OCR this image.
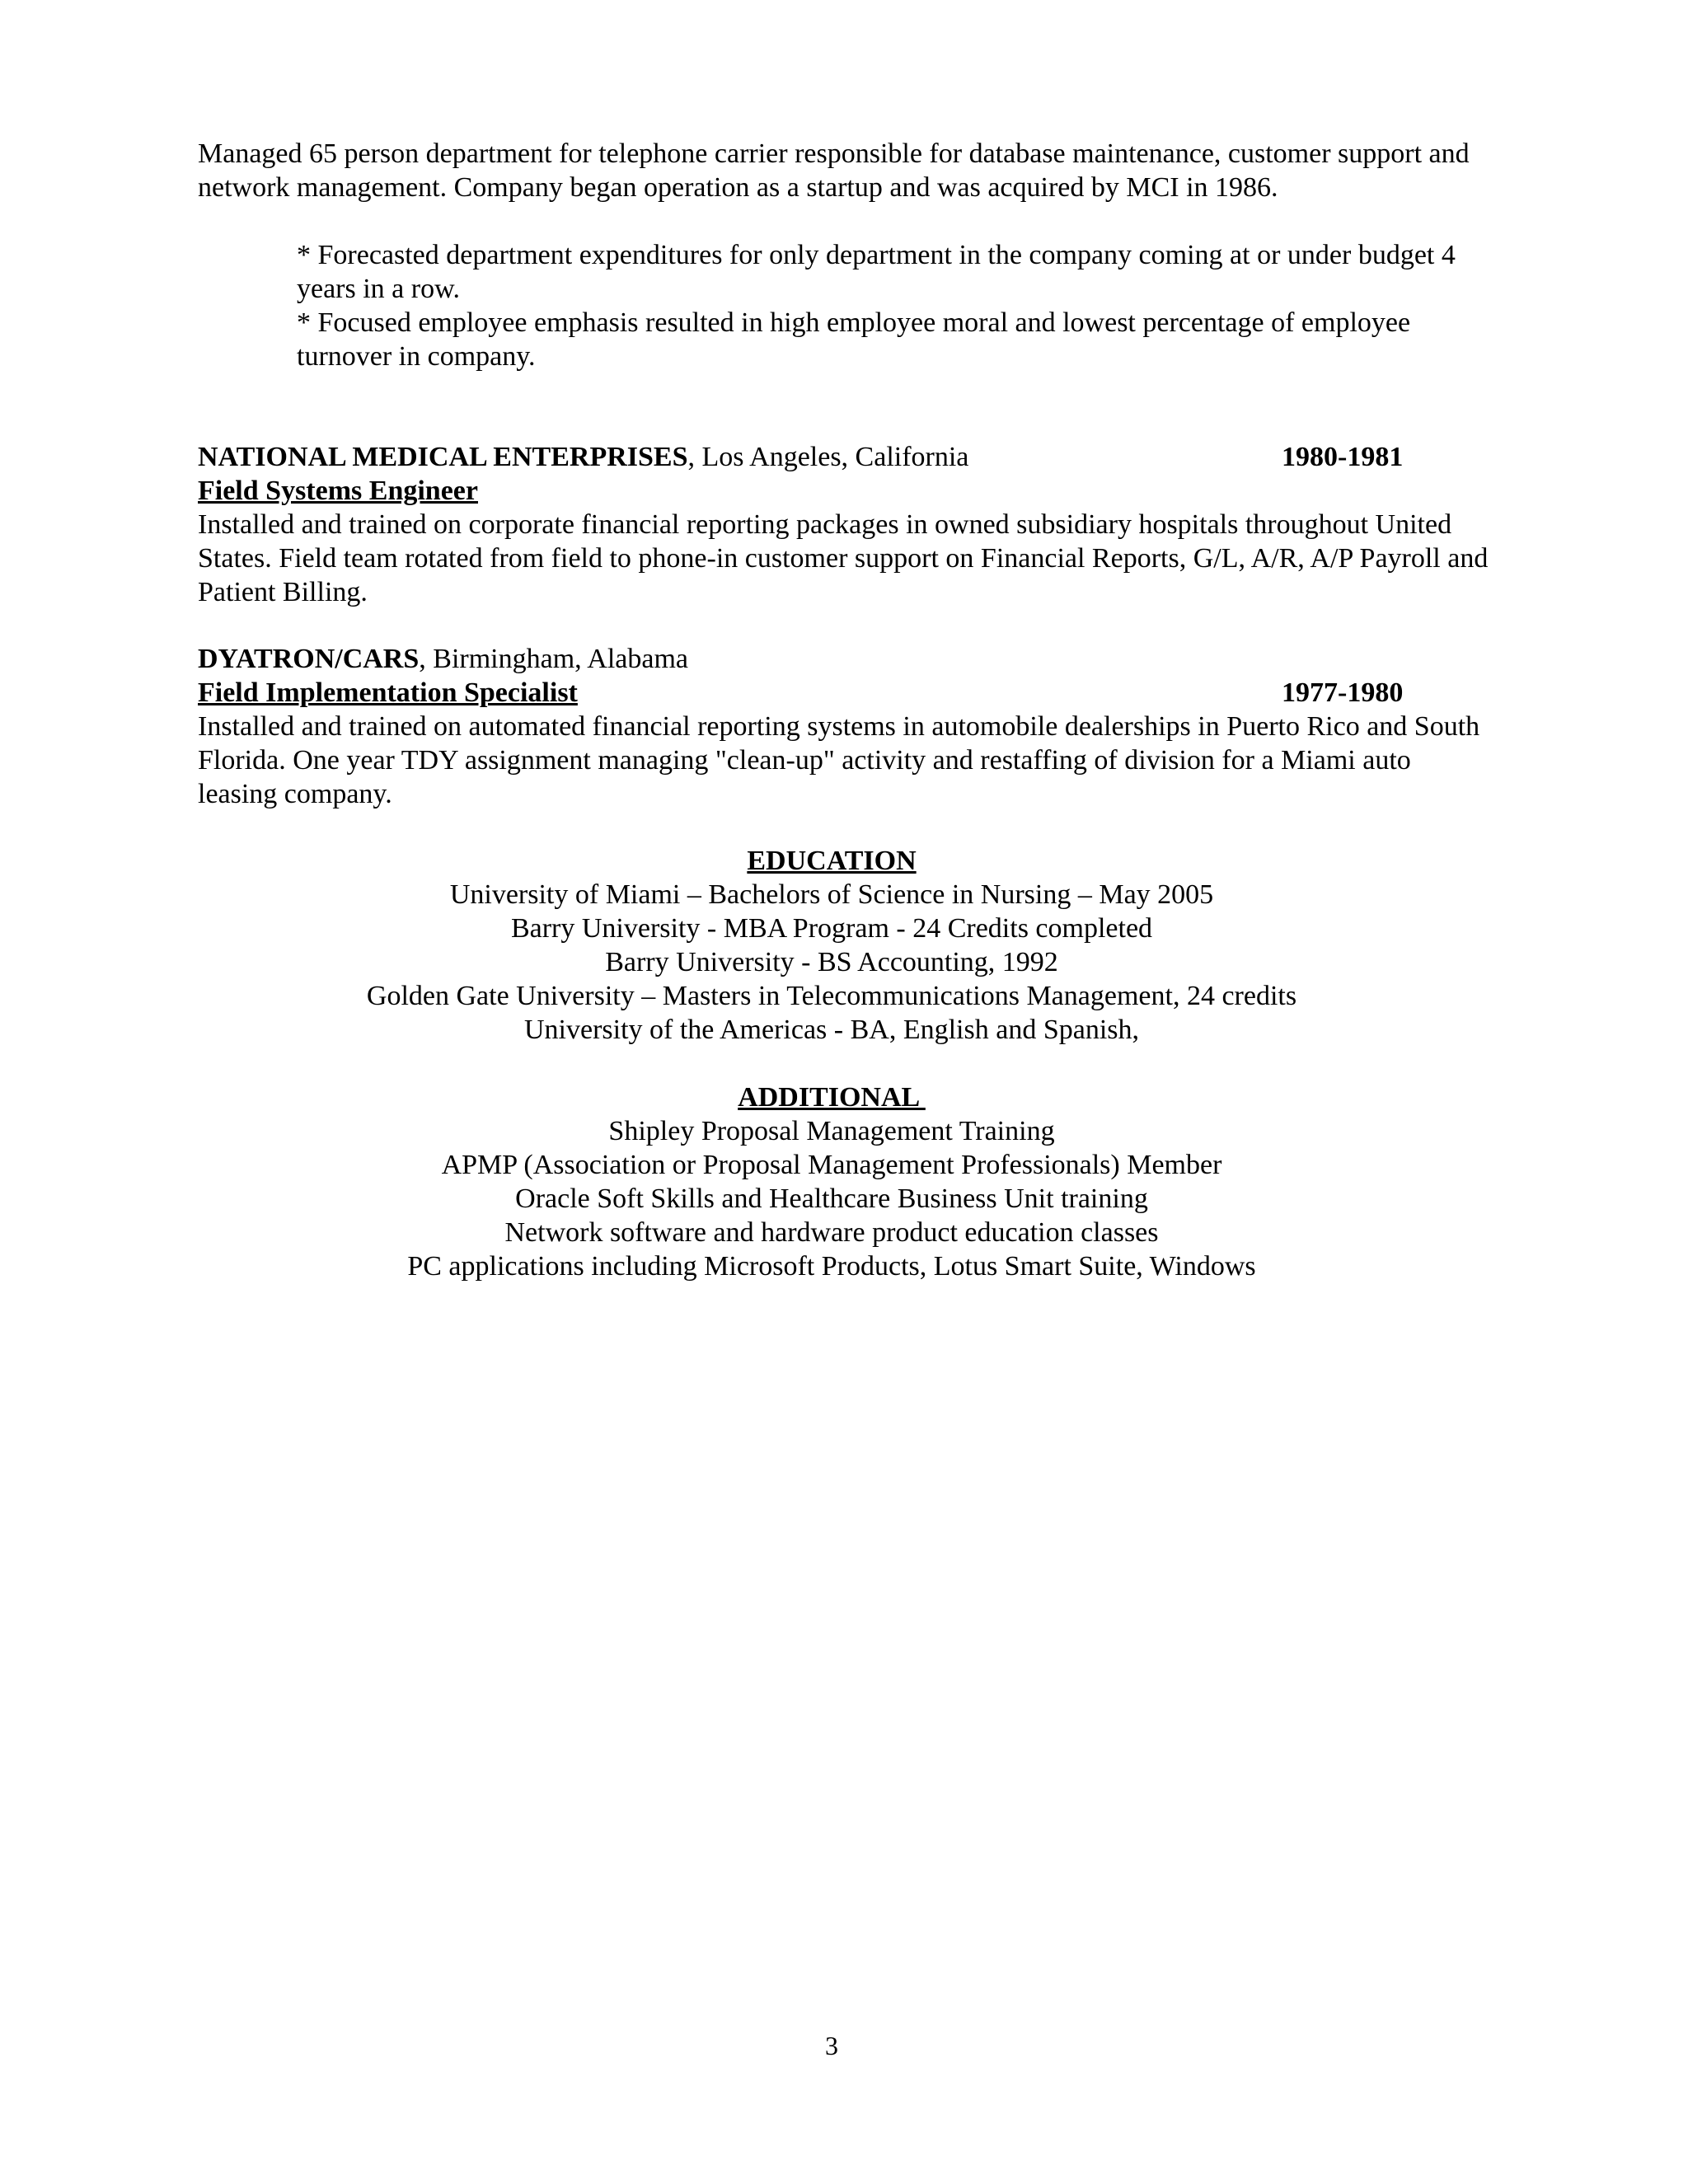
Managed 65 person department for telephone carrier responsible for database maintenance, customer support and network management. Company began operation as a startup and was acquired by MCI in 1986.
* Forecasted department expenditures for only department in the company coming at or under budget 4 years in a row.
* Focused employee emphasis resulted in high employee moral and lowest percentage of employee turnover in company.
NATIONAL MEDICAL ENTERPRISES, Los Angeles, California	1980-1981
Field Systems Engineer
Installed and trained on corporate financial reporting packages in owned subsidiary hospitals throughout United States. Field team rotated from field to phone-in customer support on Financial Reports, G/L, A/R, A/P Payroll and Patient Billing.
DYATRON/CARS, Birmingham, Alabama
Field Implementation Specialist	1977-1980
Installed and trained on automated financial reporting systems in automobile dealerships in Puerto Rico and South Florida. One year TDY assignment managing "clean-up" activity and restaffing of division for a Miami auto leasing company.
EDUCATION
University of Miami – Bachelors of Science in Nursing – May 2005
Barry University - MBA Program - 24 Credits completed
Barry University - BS Accounting, 1992
Golden Gate University – Masters in Telecommunications Management, 24 credits
University of the Americas - BA, English and Spanish,
ADDITIONAL
Shipley Proposal Management Training
APMP (Association or Proposal Management Professionals) Member
Oracle Soft Skills and Healthcare Business Unit training
Network software and hardware product education classes
PC applications including Microsoft Products, Lotus Smart Suite, Windows
3
